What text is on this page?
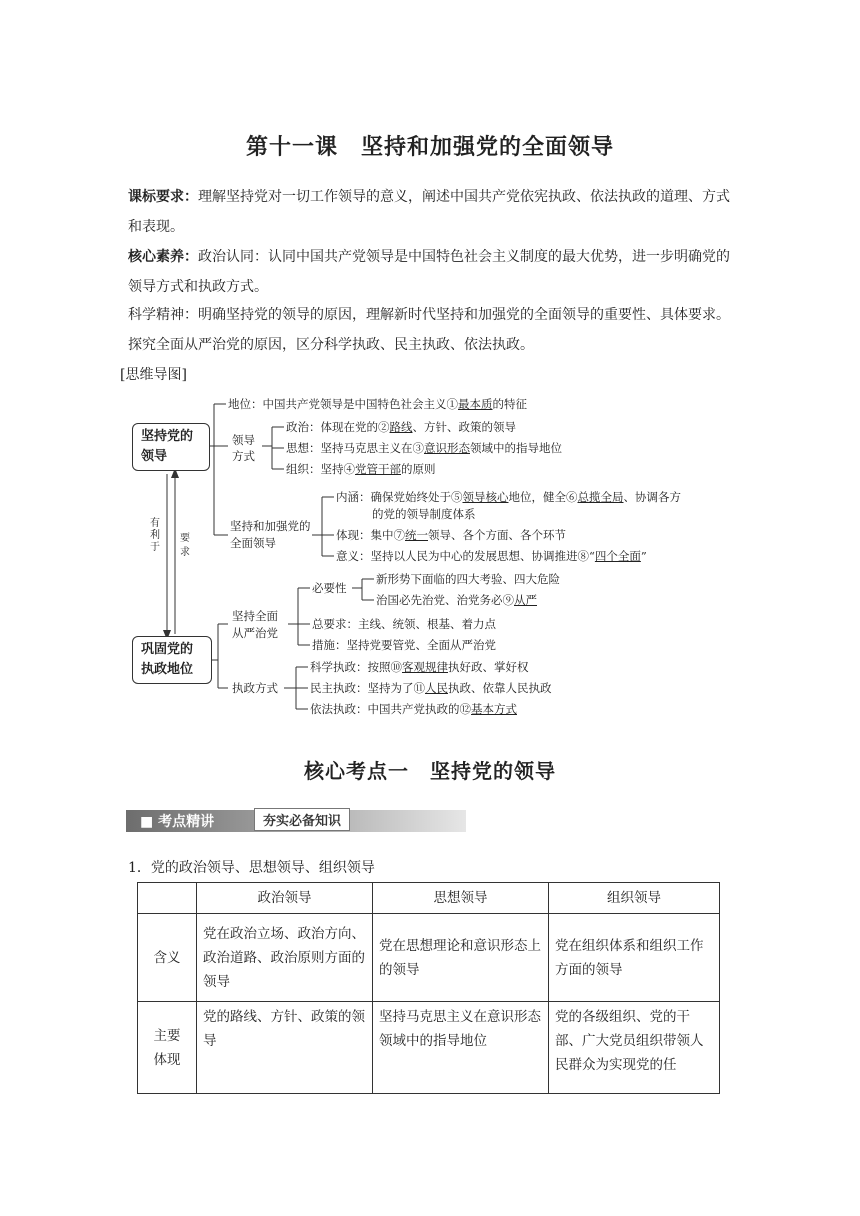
第十一课　坚持和加强党的全面领导
课标要求：理解坚持党对一切工作领导的意义，阐述中国共产党依宪执政、依法执政的道理、方式和表现。
核心素养：政治认同：认同中国共产党领导是中国特色社会主义制度的最大优势，进一步明确党的领导方式和执政方式。
科学精神：明确坚持党的领导的原因，理解新时代坚持和加强党的全面领导的重要性、具体要求。探究全面从严治党的原因，区分科学执政、民主执政、依法执政。
[思维导图]
坚持党的领导
巩固党的执政地位
有利于
要求
地位：中国共产党领导是中国特色社会主义①最本质的特征
领导方式
政治：体现在党的②路线、方针、政策的领导
思想：坚持马克思主义在③意识形态领域中的指导地位
组织：坚持④党管干部的原则
坚持和加强党的全面领导
内涵：确保党始终处于⑤领导核心地位，健全⑥总揽全局、协调各方
的党的领导制度体系
体现：集中⑦统一领导、各个方面、各个环节
意义：坚持以人民为中心的发展思想、协调推进⑧“四个全面”
坚持全面从严治党
必要性
新形势下面临的四大考验、四大危险
治国必先治党、治党务必⑨从严
总要求：主线、统领、根基、着力点
措施：坚持党要管党、全面从严治党
执政方式
科学执政：按照⑩客观规律执好政、掌好权
民主执政：坚持为了⑪人民执政、依靠人民执政
依法执政：中国共产党执政的⑫基本方式
核心考点一　坚持党的领导
■ 考点精讲	夯实必备知识
1．党的政治领导、思想领导、组织领导
	政治领导	思想领导	组织领导
含义	党在政治立场、政治方向、政治道路、政治原则方面的领导	党在思想理论和意识形态上的领导	党在组织体系和组织工作方面的领导
主要体现	党的路线、方针、政策的领导	坚持马克思主义在意识形态领域中的指导地位	党的各级组织、党的干部、广大党员组织带领人民群众为实现党的任
